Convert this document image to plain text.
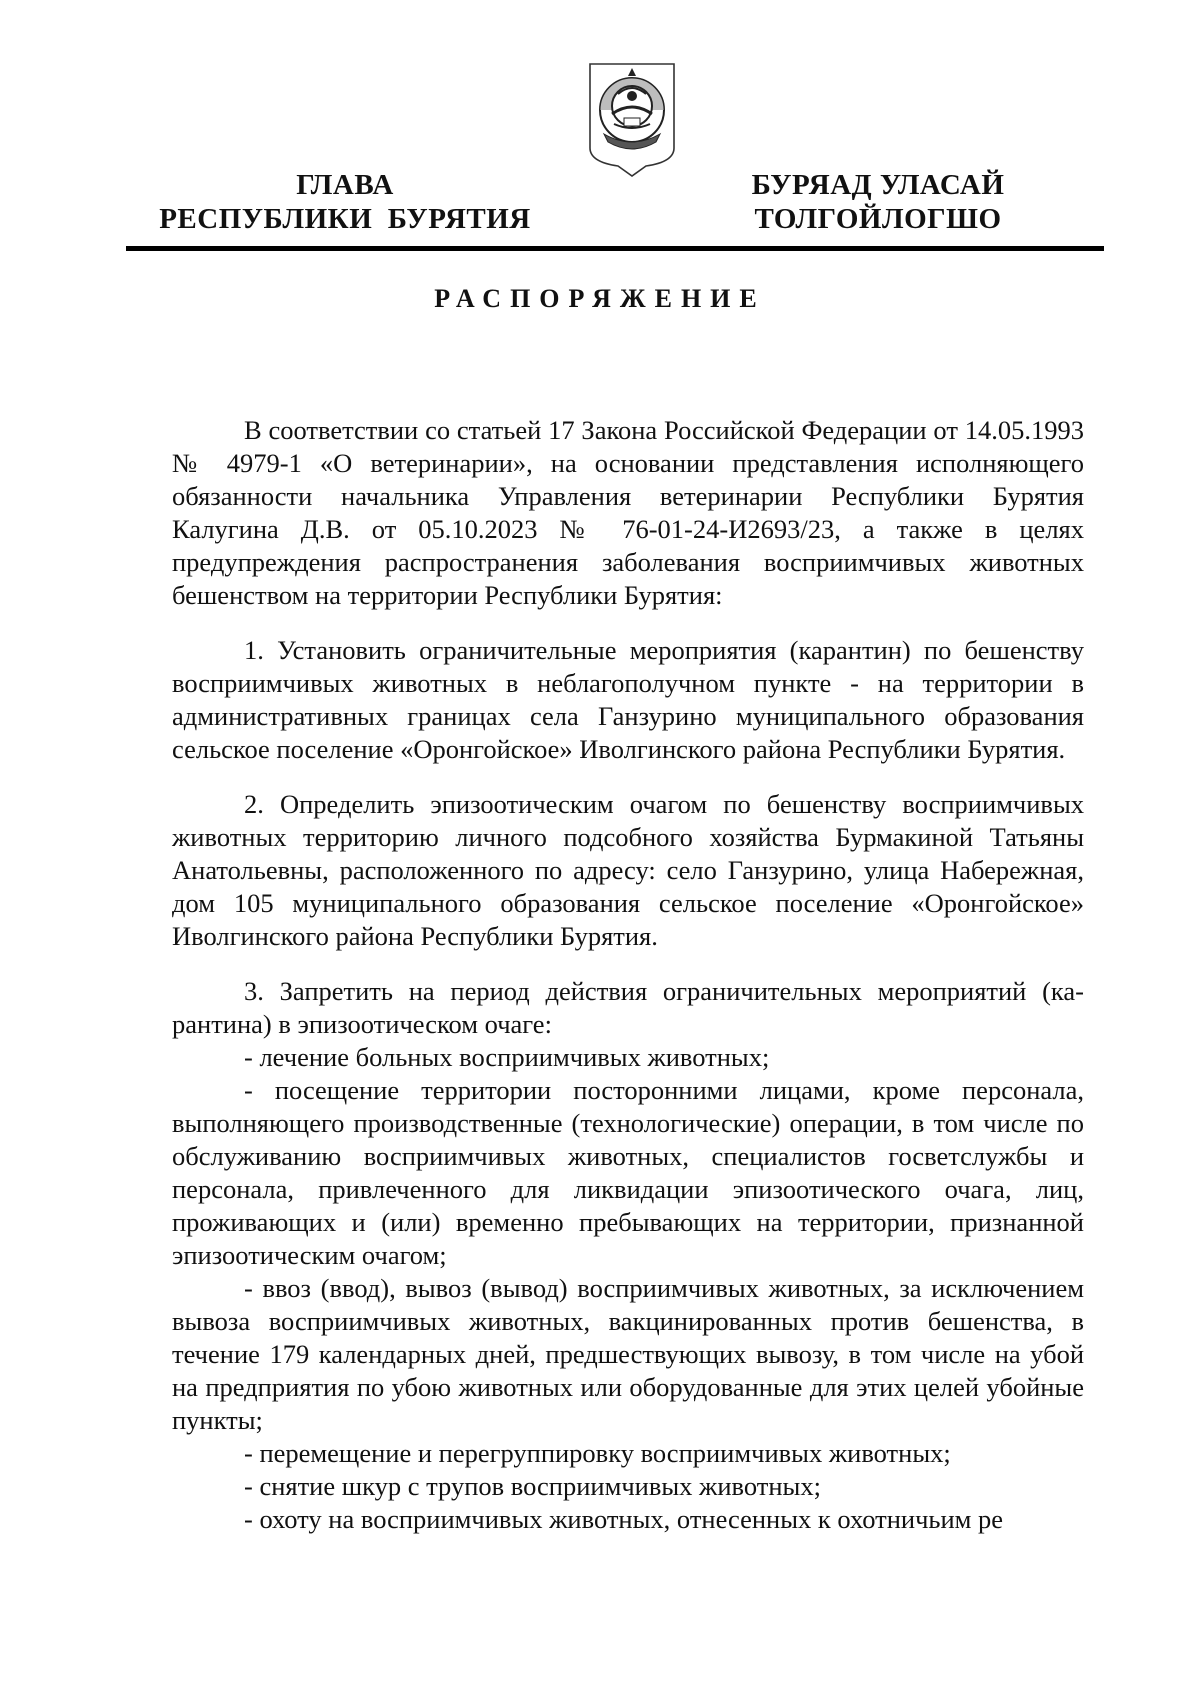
ГЛАВА
РЕСПУБЛИКИ  БУРЯТИЯ
БУРЯАД УЛАСАЙ
ТОЛГОЙЛОГШО
РАСПОРЯЖЕНИЕ

В соответствии со статьей 17 Закона Российской Федерации от 14.05.1993 № 4979-1 «О ветеринарии», на основании представления исполняющего обязанности начальника Управления ветеринарии Республики Бурятия Калугина Д.В. от 05.10.2023 № 76-01-24-И2693/23, а также в целях предупреждения распространения заболевания восприимчивых животных бешенством на территории Республики Бурятия:

1. Установить ограничительные мероприятия (карантин) по бешенству восприимчивых животных в неблагополучном пункте - на территории в административных границах села Ганзурино муниципального образования сельское поселение «Оронгойское» Иволгинского района Республики Бурятия.

2. Определить эпизоотическим очагом по бешенству восприимчивых животных территорию личного подсобного хозяйства Бурмакиной Татьяны Анатольевны, расположенного по адресу: село Ганзурино, улица Набережная, дом 105 муниципального образования сельское поселение «Оронгойское» Иволгинского района Республики Бурятия.

3. Запретить на период действия ограничительных мероприятий (карантина) в эпизоотическом очаге:

- лечение больных восприимчивых животных;

- посещение территории посторонними лицами, кроме персонала, выполняющего производственные (технологические) операции, в том числе по обслуживанию восприимчивых животных, специалистов госветслужбы и персонала, привлеченного для ликвидации эпизоотического очага, лиц, проживающих и (или) временно пребывающих на территории, признанной эпизоотическим очагом;

- ввоз (ввод), вывоз (вывод) восприимчивых животных, за исключением вывоза восприимчивых животных, вакцинированных против бешенства, в течение 179 календарных дней, предшествующих вывозу, в том числе на убой на предприятия по убою животных или оборудованные для этих целей убойные пункты;

- перемещение и перегруппировку восприимчивых животных;

- снятие шкур с трупов восприимчивых животных;

- охоту на восприимчивых животных, отнесенных к охотничьим ре
